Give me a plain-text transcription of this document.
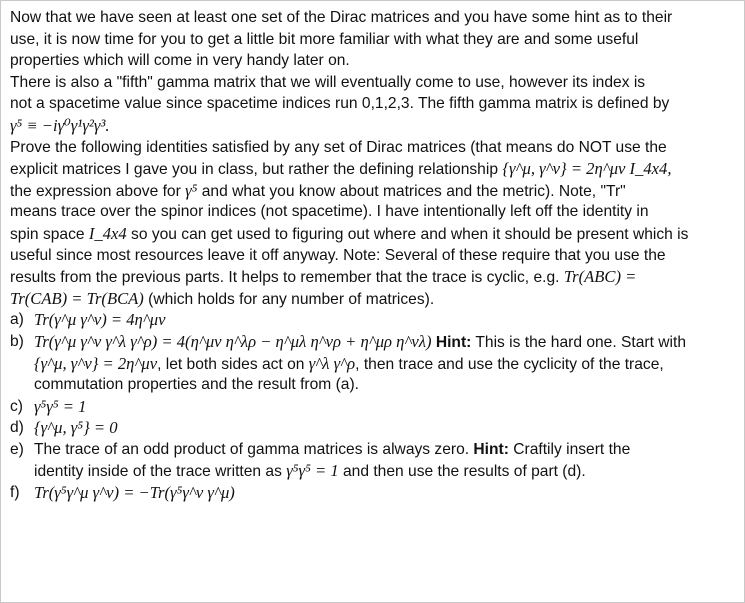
Now that we have seen at least one set of the Dirac matrices and you have some hint as to their
use, it is now time for you to get a little bit more familiar with what they are and some useful
properties which will come in very handy later on.
There is also a "fifth" gamma matrix that we will eventually come to use, however its index is
not a spacetime value since spacetime indices run 0,1,2,3. The fifth gamma matrix is defined by
γ⁵ ≡ −iγ⁰γ¹γ²γ³.
Prove the following identities satisfied by any set of Dirac matrices (that means do NOT use the
explicit matrices I gave you in class, but rather the defining relationship {γ^μ, γ^ν} = 2η^μν I_4x4,
the expression above for γ⁵ and what you know about matrices and the metric). Note, "Tr"
means trace over the spinor indices (not spacetime). I have intentionally left off the identity in
spin space I_4x4 so you can get used to figuring out where and when it should be present which is
useful since most resources leave it off anyway. Note: Several of these require that you use the
results from the previous parts. It helps to remember that the trace is cyclic, e.g. Tr(ABC) =
Tr(CAB) = Tr(BCA) (which holds for any number of matrices).
a) Tr(γ^μ γ^ν) = 4η^μν
b) Tr(γ^μ γ^ν γ^λ γ^ρ) = 4(η^μν η^λρ − η^μλ η^νρ + η^μρ η^νλ) Hint: This is the hard one. Start with
{γ^μ, γ^ν} = 2η^μν, let both sides act on γ^λ γ^ρ, then trace and use the cyclicity of the trace,
commutation properties and the result from (a).
c) γ⁵γ⁵ = 1
d) {γ^μ, γ⁵} = 0
e) The trace of an odd product of gamma matrices is always zero. Hint: Craftily insert the
identity inside of the trace written as γ⁵γ⁵ = 1 and then use the results of part (d).
f) Tr(γ⁵γ^μ γ^ν) = −Tr(γ⁵γ^ν γ^μ)
